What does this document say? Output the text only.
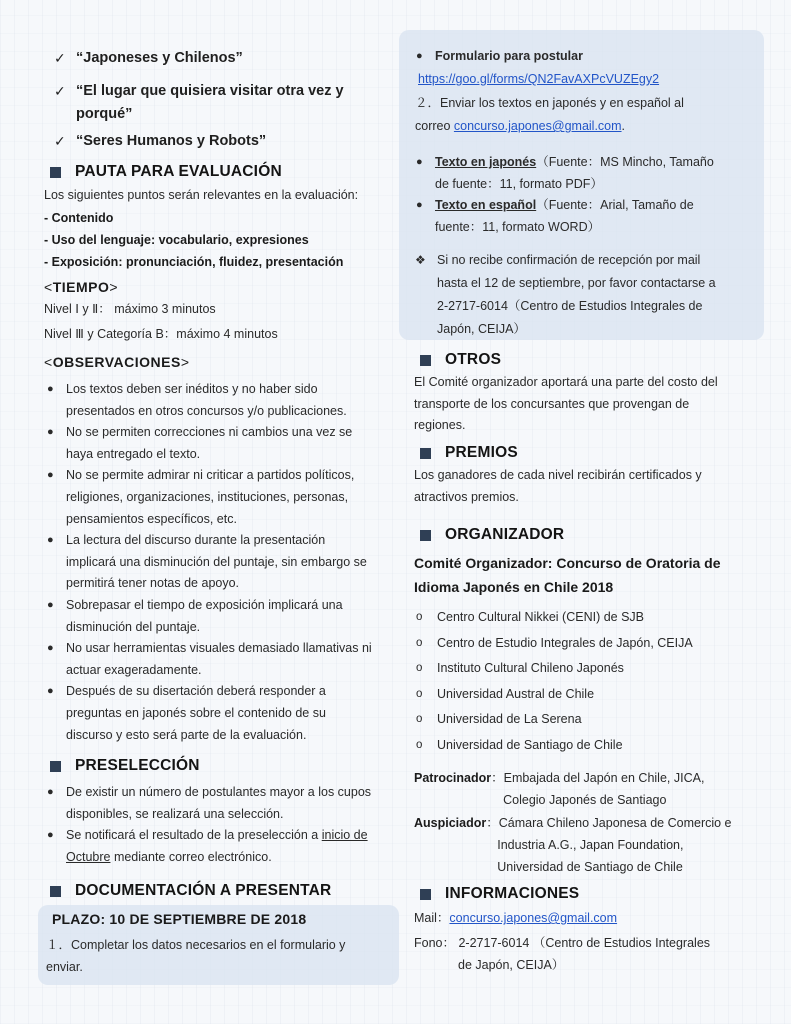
✓ “Japoneses y Chilenos”
✓ “El lugar que quisiera visitar otra vez y
porqué”
✓ “Seres Humanos y Robots”
PAUTA PARA EVALUACIÓN
Los siguientes puntos serán relevantes en la evaluación:
- Contenido
- Uso del lenguaje: vocabulario, expresiones
- Exposición: pronunciación, fluidez, presentación
<TIEMPO>
Nivel Ⅰ y Ⅱ： máximo 3 minutos
Nivel Ⅲ y Categoría B：máximo 4 minutos
<OBSERVACIONES>
● Los textos deben ser inéditos y no haber sido
presentados en otros concursos y/o publicaciones.
● No se permiten correcciones ni cambios una vez se
haya entregado el texto.
● No se permite admirar ni criticar a partidos políticos,
religiones, organizaciones, instituciones, personas,
pensamientos específicos, etc.
● La lectura del discurso durante la presentación
implicará una disminución del puntaje, sin embargo se
permitirá tener notas de apoyo.
● Sobrepasar el tiempo de exposición implicará una
disminución del puntaje.
● No usar herramientas visuales demasiado llamativas ni
actuar exageradamente.
● Después de su disertación deberá responder a
preguntas en japonés sobre el contenido de su
discurso y esto será parte de la evaluación.
PRESELECCIÓN
● De existir un número de postulantes mayor a los cupos
disponibles, se realizará una selección.
● Se notificará el resultado de la preselección a inicio de
Octubre mediante correo electrónico.
DOCUMENTACIÓN A PRESENTAR
PLAZO: 10 DE SEPTIEMBRE DE 2018
１．Completar los datos necesarios en el formulario y
enviar.
● Formulario para postular
https://goo.gl/forms/QN2FavAXPcVUZEgy2
２．Enviar los textos en japonés y en español al
correo concurso.japones@gmail.com.
● Texto en japonés（Fuente：MS Mincho, Tamaño
de fuente：11, formato PDF）
● Texto en español（Fuente：Arial, Tamaño de
fuente：11, formato WORD）
❖ Si no recibe confirmación de recepción por mail
hasta el 12 de septiembre, por favor contactarse a
2-2717-6014（Centro de Estudios Integrales de
Japón, CEIJA）
OTROS
El Comité organizador aportará una parte del costo del
transporte de los concursantes que provengan de
regiones.
PREMIOS
Los ganadores de cada nivel recibirán certificados y
atractivos premios.
ORGANIZADOR
Comité Organizador: Concurso de Oratoria de
Idioma Japonés en Chile 2018
o	Centro Cultural Nikkei (CENI) de SJB
o	Centro de Estudio Integrales de Japón, CEIJA
o	Instituto Cultural Chileno Japonés
o	Universidad Austral de Chile
o	Universidad de La Serena
o	Universidad de Santiago de Chile
Patrocinador ：Embajada del Japón en Chile, JICA,
Colegio Japonés de Santiago
Auspiciador ：Cámara Chileno Japonesa de Comercio e
Industria A.G., Japan Foundation,
Universidad de Santiago de Chile
INFORMACIONES
Mail：concurso.japones@gmail.com
Fono： 2-2717-6014 （Centro de Estudios Integrales
de Japón, CEIJA）
